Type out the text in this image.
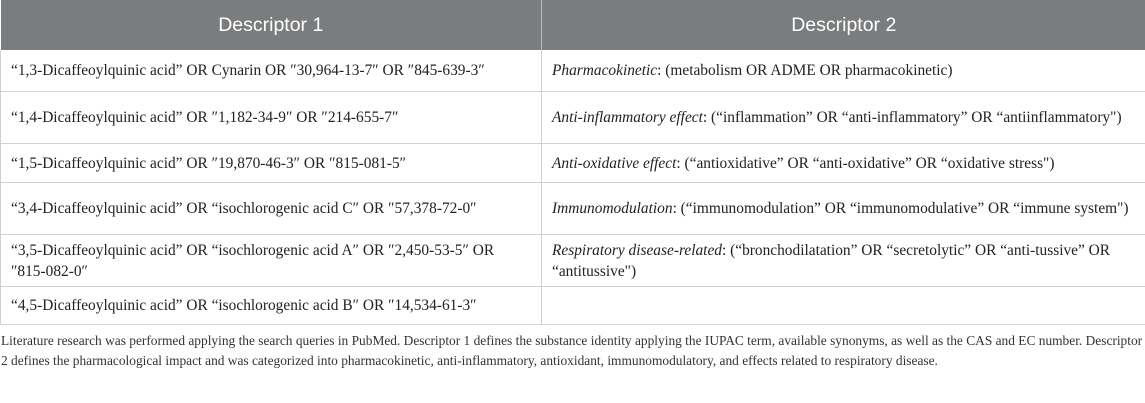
Descriptor 1	Descriptor 2
“1,3-Dicaffeoylquinic acid” OR Cynarin OR ″30,964-13-7″ OR ″845-639-3″	Pharmacokinetic: (metabolism OR ADME OR pharmacokinetic)
“1,4-Dicaffeoylquinic acid” OR ″1,182-34-9″ OR ″214-655-7″	Anti-inflammatory effect: (“inflammation” OR “anti-inflammatory” OR “antiinflammatory")
“1,5-Dicaffeoylquinic acid” OR ″19,870-46-3″ OR ″815-081-5″	Anti-oxidative effect: (“antioxidative” OR “anti-oxidative” OR “oxidative stress")
“3,4-Dicaffeoylquinic acid” OR “isochlorogenic acid C″ OR ″57,378-72-0″	Immunomodulation: (“immunomodulation” OR “immunomodulative” OR “immune system")
“3,5-Dicaffeoylquinic acid” OR “isochlorogenic acid A″ OR ″2,450-53-5″ OR ″815-082-0″	Respiratory disease-related: (“bronchodilatation” OR “secretolytic” OR “anti-tussive” OR “antitussive")
“4,5-Dicaffeoylquinic acid” OR “isochlorogenic acid B″ OR ″14,534-61-3″	
Literature research was performed applying the search queries in PubMed. Descriptor 1 defines the substance identity applying the IUPAC term, available synonyms, as well as the CAS and EC number. Descriptor 2 defines the pharmacological impact and was categorized into pharmacokinetic, anti-inflammatory, antioxidant, immunomodulatory, and effects related to respiratory disease.
